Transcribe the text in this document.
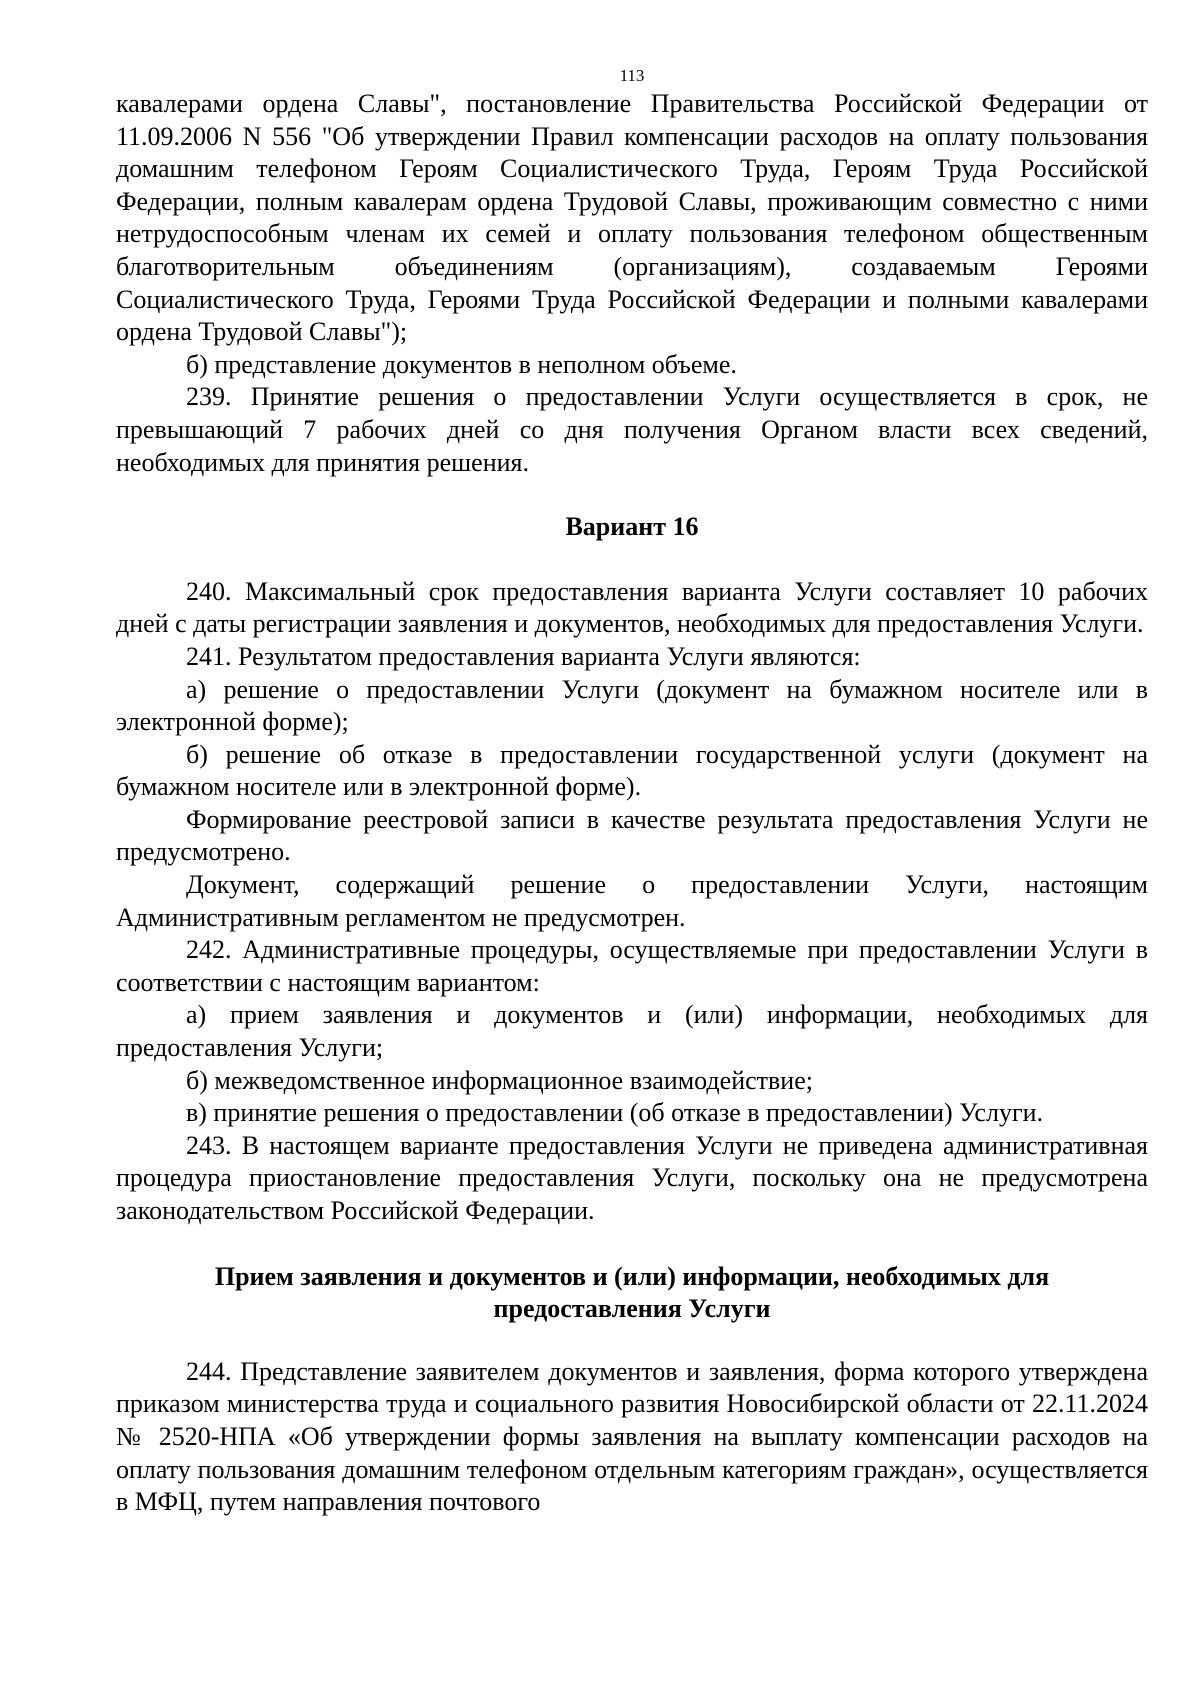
113

кавалерами ордена Славы", постановление Правительства Российской Федерации от 11.09.2006 N 556 "Об утверждении Правил компенсации расходов на оплату пользования домашним телефоном Героям Социалистического Труда, Героям Труда Российской Федерации, полным кавалерам ордена Трудовой Славы, проживающим совместно с ними нетрудоспособным членам их семей и оплату пользования телефоном общественным благотворительным объединениям (организациям), создаваемым Героями Социалистического Труда, Героями Труда Российской Федерации и полными кавалерами ордена Трудовой Славы");

б) представление документов в неполном объеме.

239. Принятие решения о предоставлении Услуги осуществляется в срок, не превышающий 7 рабочих дней со дня получения Органом власти всех сведений, необходимых для принятия решения.

Вариант 16

240. Максимальный срок предоставления варианта Услуги составляет 10 рабочих дней с даты регистрации заявления и документов, необходимых для предоставления Услуги.

241. Результатом предоставления варианта Услуги являются:

а) решение о предоставлении Услуги (документ на бумажном носителе или в электронной форме);

б) решение об отказе в предоставлении государственной услуги (документ на бумажном носителе или в электронной форме).

Формирование реестровой записи в качестве результата предоставления Услуги не предусмотрено.

Документ, содержащий решение о предоставлении Услуги, настоящим Административным регламентом не предусмотрен.

242. Административные процедуры, осуществляемые при предоставлении Услуги в соответствии с настоящим вариантом:

а) прием заявления и документов и (или) информации, необходимых для предоставления Услуги;

б) межведомственное информационное взаимодействие;

в) принятие решения о предоставлении (об отказе в предоставлении) Услуги.

243. В настоящем варианте предоставления Услуги не приведена административная процедура приостановление предоставления Услуги, поскольку она не предусмотрена законодательством Российской Федерации.

Прием заявления и документов и (или) информации, необходимых для
предоставления Услуги

244. Представление заявителем документов и заявления, форма которого утверждена приказом министерства труда и социального развития Новосибирской области от 22.11.2024 № 2520-НПА «Об утверждении формы заявления на выплату компенсации расходов на оплату пользования домашним телефоном отдельным категориям граждан», осуществляется в МФЦ, путем направления почтового
